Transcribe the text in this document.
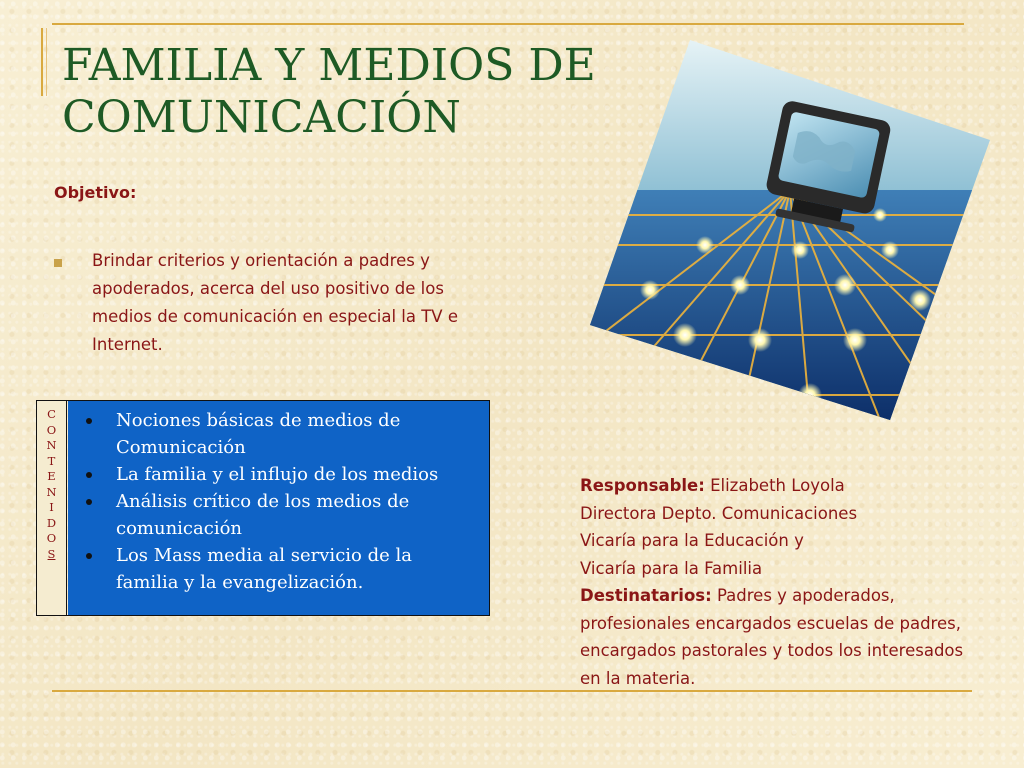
FAMILIA Y MEDIOS DE COMUNICACIÓN
Objetivo:
Brindar criterios y orientación a padres y apoderados, acerca del uso positivo de los medios de comunicación en especial la TV e Internet.
C
O
N
T
E
N
I
D
O
S
Nociones básicas de medios de Comunicación
La familia y el influjo de los medios
Análisis crítico de los medios de comunicación
Los Mass media al servicio de la familia y la evangelización.
Responsable: Elizabeth Loyola
Directora Depto. Comunicaciones
Vicaría para la Educación y
Vicaría para la Familia
Destinatarios: Padres y apoderados, profesionales encargados escuelas de padres, encargados pastorales y todos los interesados en la materia.
